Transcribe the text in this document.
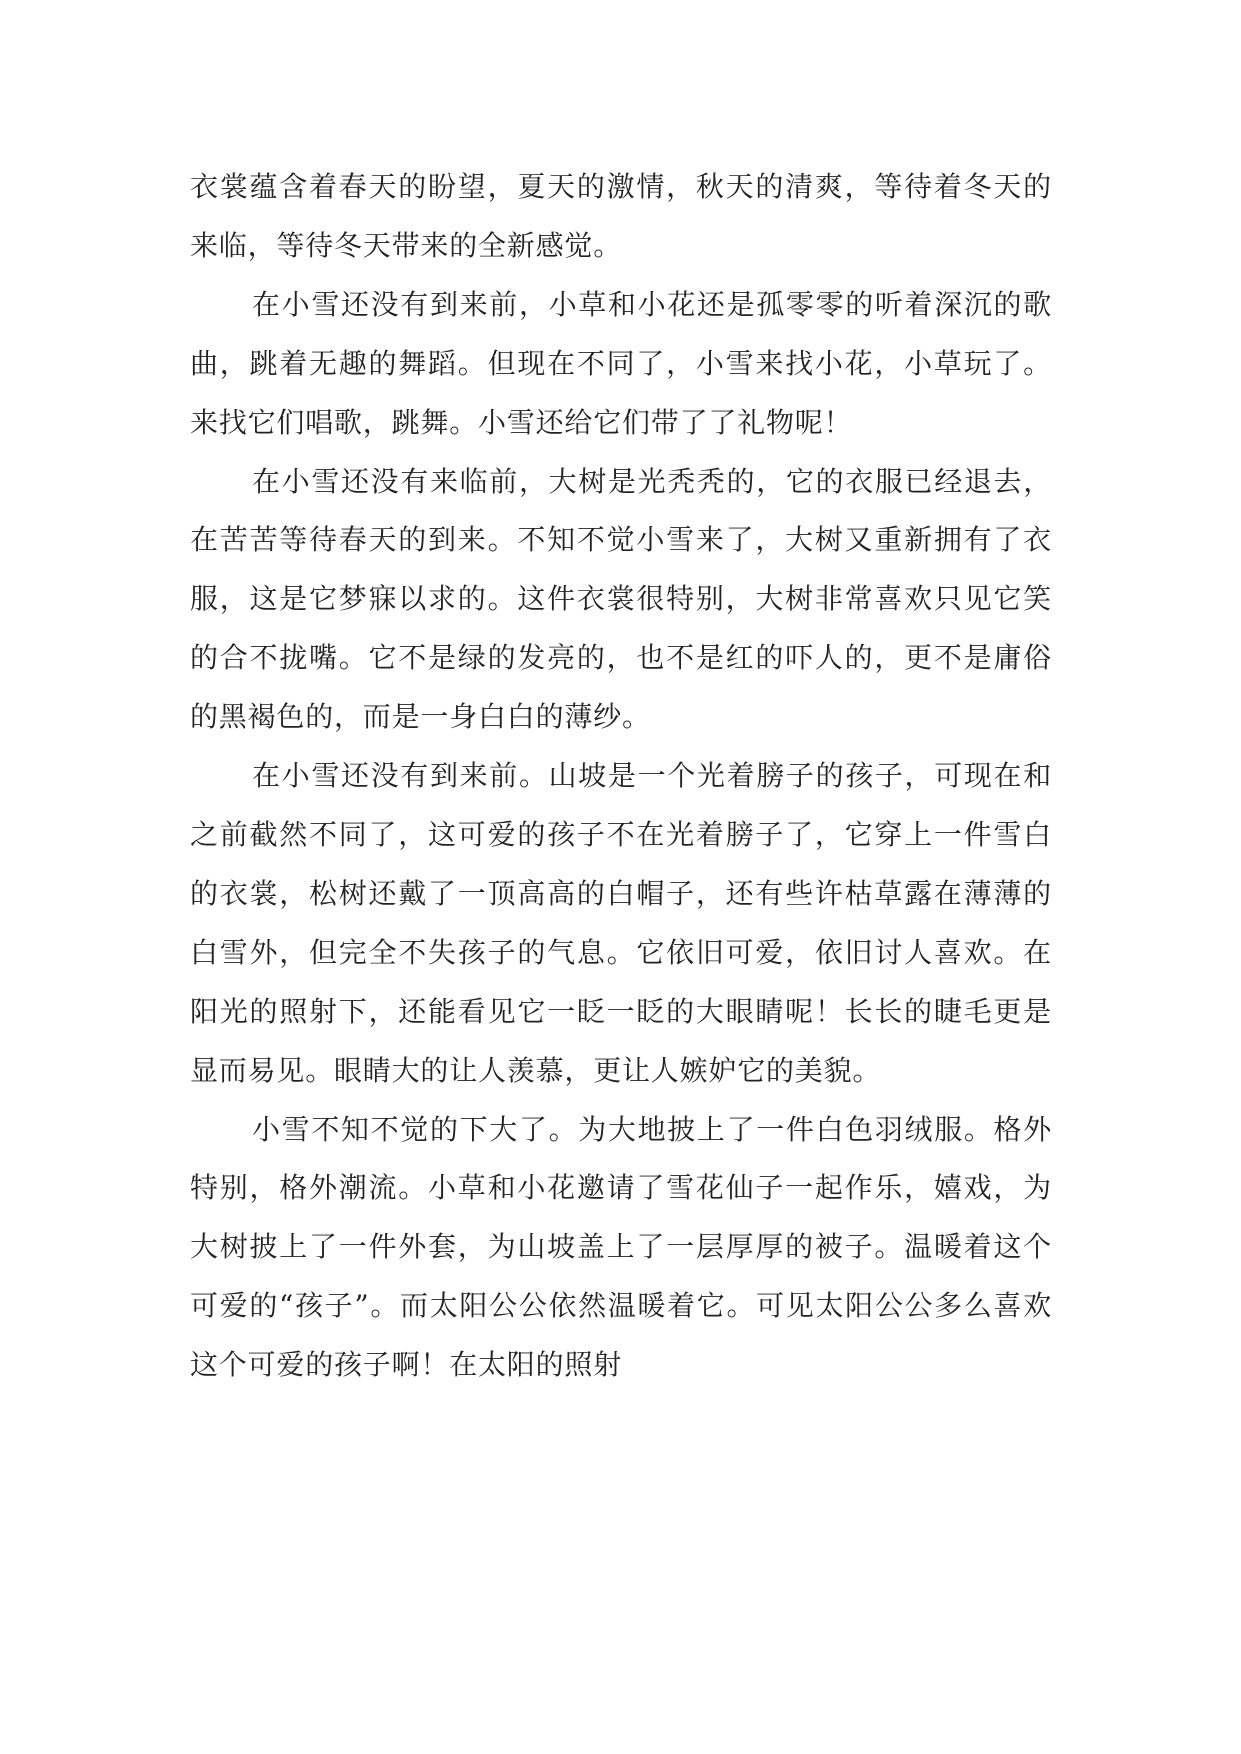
衣裳蕴含着春天的盼望，夏天的激情，秋天的清爽，等待着冬天的来临，等待冬天带来的全新感觉。

在小雪还没有到来前，小草和小花还是孤零零的听着深沉的歌曲，跳着无趣的舞蹈。但现在不同了，小雪来找小花，小草玩了。来找它们唱歌，跳舞。小雪还给它们带了了礼物呢！

在小雪还没有来临前，大树是光秃秃的，它的衣服已经退去，在苦苦等待春天的到来。不知不觉小雪来了，大树又重新拥有了衣服，这是它梦寐以求的。这件衣裳很特别，大树非常喜欢只见它笑的合不拢嘴。它不是绿的发亮的，也不是红的吓人的，更不是庸俗的黑褐色的，而是一身白白的薄纱。

在小雪还没有到来前。山坡是一个光着膀子的孩子，可现在和之前截然不同了，这可爱的孩子不在光着膀子了，它穿上一件雪白的衣裳，松树还戴了一顶高高的白帽子，还有些许枯草露在薄薄的白雪外，但完全不失孩子的气息。它依旧可爱，依旧讨人喜欢。在阳光的照射下，还能看见它一眨一眨的大眼睛呢！长长的睫毛更是显而易见。眼睛大的让人羡慕，更让人嫉妒它的美貌。

小雪不知不觉的下大了。为大地披上了一件白色羽绒服。格外特别，格外潮流。小草和小花邀请了雪花仙子一起作乐，嬉戏，为大树披上了一件外套，为山坡盖上了一层厚厚的被子。温暖着这个可爱的“孩子”。而太阳公公依然温暖着它。可见太阳公公多么喜欢这个可爱的孩子啊！在太阳的照射
